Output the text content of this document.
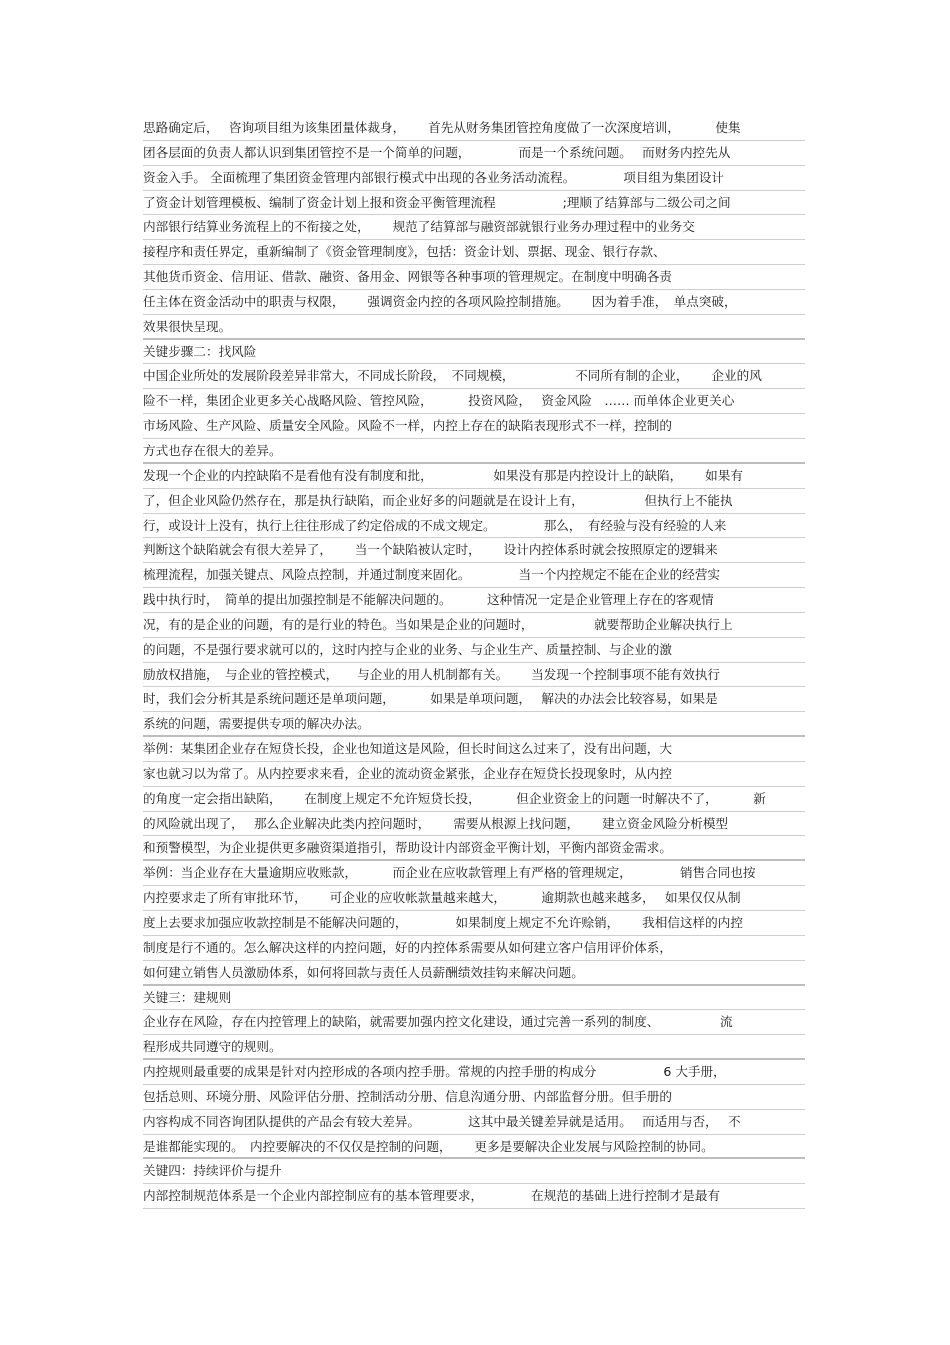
思路确定后，　 咨询项目组为该集团量体裁身，　　 首先从财务集团管控角度做了一次深度培训，　　　 使集
团各层面的负责人都认识到集团管控不是一个简单的问题，　　　　 而是一个系统问题。　 而财务内控先从
资金入手。 全面梳理了集团资金管理内部银行模式中出现的各业务活动流程。　　　　 项目组为集团设计
了资金计划管理模板、编制了资金计划上报和资金平衡管理流程　　　　　 ;理顺了结算部与二级公司之间
内部银行结算业务流程上的不衔接之处，　　 规范了结算部与融资部就银行业务办理过程中的业务交
接程序和责任界定，重新编制了《资金管理制度》，包括：资金计划、票据、现金、银行存款、
其他货币资金、信用证、借款、融资、备用金、网银等各种事项的管理规定。在制度中明确各责
任主体在资金活动中的职责与权限，　　 强调资金内控的各项风险控制措施。　　 因为着手准，　单点突破，
效果很快呈现。
关键步骤二：找风险
中国企业所处的发展阶段差异非常大，不同成长阶段，　不同规模，　　　　　 不同所有制的企业，　　 企业的风
险不一样，集团企业更多关心战略风险、管控风险，　　　 投资风险，　 资金风险　…… 而单体企业更关心
市场风险、生产风险、质量安全风险。风险不一样，内控上存在的缺陷表现形式不一样，控制的
方式也存在很大的差异。
发现一个企业的内控缺陷不是看他有没有制度和批，　　　　　 如果没有那是内控设计上的缺陷，　　 如果有
了，但企业风险仍然存在，那是执行缺陷，而企业好多的问题就是在设计上有，　　　　　 但执行上不能执
行，或设计上没有，执行上往往形成了约定俗成的不成文规定。　　　　 那么，　有经验与没有经验的人来
判断这个缺陷就会有很大差异了，　　 当一个缺陷被认定时，　　 设计内控体系时就会按照原定的逻辑来
梳理流程，加强关键点、风险点控制，并通过制度来固化。　　　　 当一个内控规定不能在企业的经营实
践中执行时，　简单的提出加强控制是不能解决问题的。　　　 这种情况一定是企业管理上存在的客观情
况，有的是企业的问题，有的是行业的特色。当如果是企业的问题时，　　　　　 就要帮助企业解决执行上
的问题，不是强行要求就可以的，这时内控与企业的业务、与企业生产、质量控制、与企业的激
励放权措施，　与企业的管控模式，　　与企业的用人机制都有关。　　 当发现一个控制事项不能有效执行
时，我们会分析其是系统问题还是单项问题，　　　 如果是单项问题，　 解决的办法会比较容易，如果是
系统的问题，需要提供专项的解决办法。
举例：某集团企业存在短贷长投，企业也知道这是风险，但长时间这么过来了，没有出问题，大
家也就习以为常了。从内控要求来看，企业的流动资金紧张，企业存在短贷长投现象时，从内控
的角度一定会指出缺陷，　　 在制度上规定不允许短贷长投，　　　 但企业资金上的问题一时解决不了，　　　 新
的风险就出现了，　 那么企业解决此类内控问题时，　　 需要从根源上找问题，　　 建立资金风险分析模型
和预警模型，为企业提供更多融资渠道指引，帮助设计内部资金平衡计划，平衡内部资金需求。
举例：当企业存在大量逾期应收账款，　　　 而企业在应收款管理上有严格的管理规定，　　　　 销售合同也按
内控要求走了所有审批环节，　　 可企业的应收帐款量越来越大，　　　 逾期款也越来越多，　 如果仅仅从制
度上去要求加强应收款控制是不能解决问题的，　　　　 如果制度上规定不允许赊销，　　 我相信这样的内控
制度是行不通的。怎么解决这样的内控问题，好的内控体系需要从如何建立客户信用评价体系，
如何建立销售人员激励体系，如何将回款与责任人员薪酬绩效挂钩来解决问题。
关键三：建规则
企业存在风险，存在内控管理上的缺陷，就需要加强内控文化建设，通过完善一系列的制度、　　　　　 流
程形成共同遵守的规则。
内控规则最重要的成果是针对内控形成的各项内控手册。常规的内控手册的构成分　　　　　 6 大手册，
包括总则、环境分册、风险评估分册、控制活动分册、信息沟通分册、内部监督分册。但手册的
内容构成不同咨询团队提供的产品会有较大差异。　　　　 这其中最关键差异就是适用。　 而适用与否，　 不
是谁都能实现的。　内控要解决的不仅仅是控制的问题，　　 更多是要解决企业发展与风险控制的协同。
关键四：持续评价与提升
内部控制规范体系是一个企业内部控制应有的基本管理要求，　　　　 在规范的基础上进行控制才是最有
